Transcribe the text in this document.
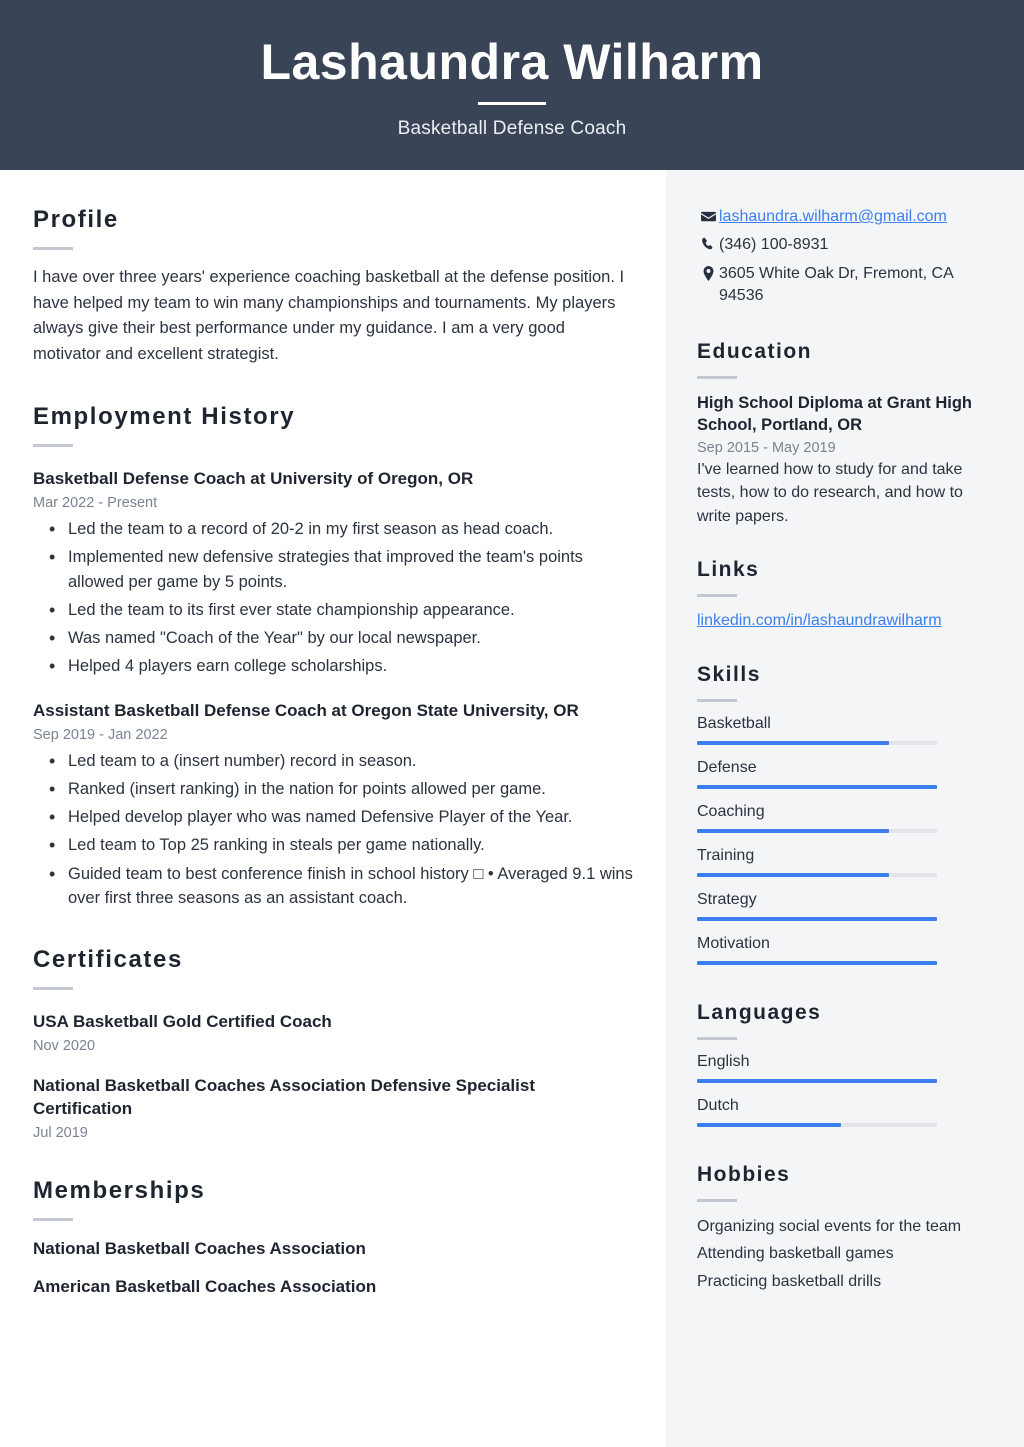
Lashaundra Wilharm
Basketball Defense Coach
Profile
I have over three years' experience coaching basketball at the defense position. I have helped my team to win many championships and tournaments. My players always give their best performance under my guidance. I am a very good motivator and excellent strategist.
Employment History
Basketball Defense Coach at University of Oregon, OR
Mar 2022 - Present
• Led the team to a record of 20-2 in my first season as head coach.
• Implemented new defensive strategies that improved the team's points allowed per game by 5 points.
• Led the team to its first ever state championship appearance.
• Was named "Coach of the Year" by our local newspaper.
• Helped 4 players earn college scholarships.
Assistant Basketball Defense Coach at Oregon State University, OR
Sep 2019 - Jan 2022
• Led team to a (insert number) record in season.
• Ranked (insert ranking) in the nation for points allowed per game.
• Helped develop player who was named Defensive Player of the Year.
• Led team to Top 25 ranking in steals per game nationally.
• Guided team to best conference finish in school history □ • Averaged 9.1 wins over first three seasons as an assistant coach.
Certificates
USA Basketball Gold Certified Coach
Nov 2020
National Basketball Coaches Association Defensive Specialist Certification
Jul 2019
Memberships
National Basketball Coaches Association
American Basketball Coaches Association
lashaundra.wilharm@gmail.com
(346) 100-8931
3605 White Oak Dr, Fremont, CA 94536
Education
High School Diploma at Grant High School, Portland, OR
Sep 2015 - May 2019
I've learned how to study for and take tests, how to do research, and how to write papers.
Links
linkedin.com/in/lashaundrawilharm
Skills
Basketball
Defense
Coaching
Training
Strategy
Motivation
Languages
English
Dutch
Hobbies
Organizing social events for the team
Attending basketball games
Practicing basketball drills
